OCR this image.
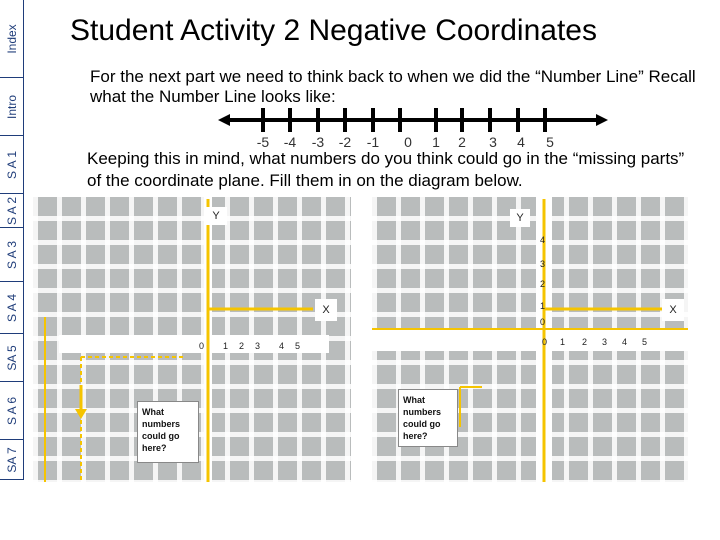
Index
Intro
S A 1
S A 2
S A 3
S A 4
SA 5
S A 6
SA 7
Student Activity 2 Negative Coordinates
For the next part we need to think back to when we did the “Number Line” Recall what the Number Line looks like:
-5 -4 -3 -2 -1 0 1 2 3 4 5
Keeping this in mind, what numbers do you think could go in the “missing parts” of the coordinate plane. Fill them in on the diagram below.
Y
X
0 1 2 3 4 5
What numbers could go here?
Y
X
4
3
2
1
0
0 1 2 3 4 5
What numbers could go here?
